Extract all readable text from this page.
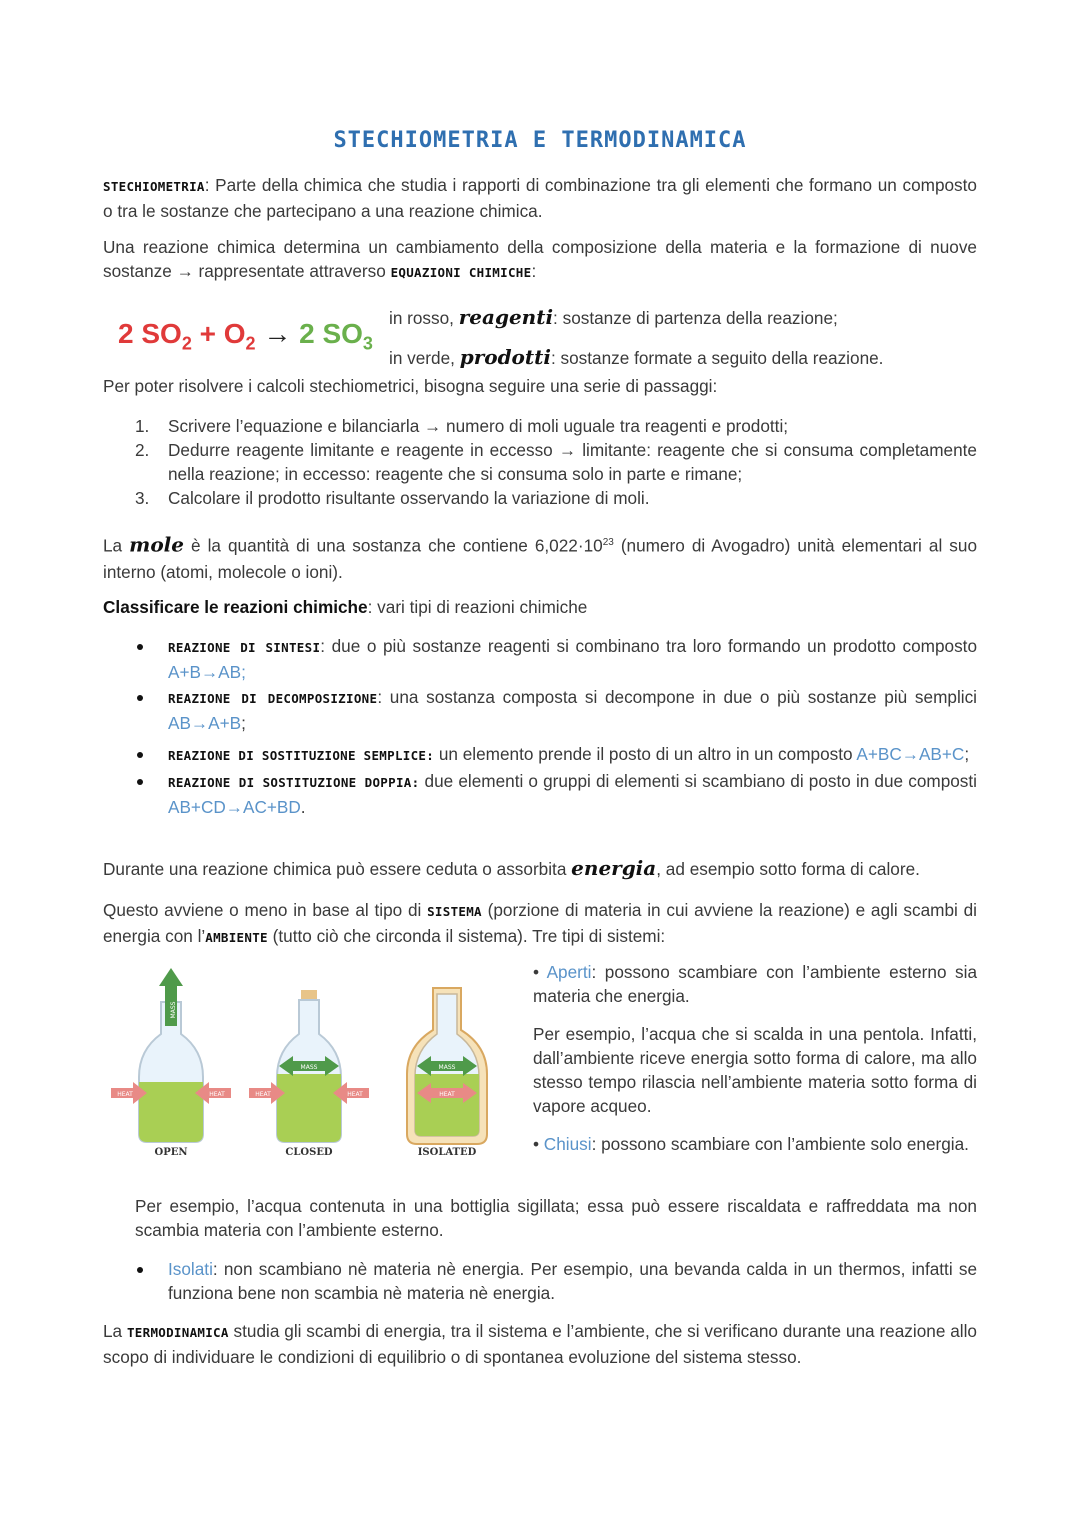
STECHIOMETRIA E TERMODINAMICA

STECHIOMETRIA: Parte della chimica che studia i rapporti di combinazione tra gli elementi che formano un composto o tra le sostanze che partecipano a una reazione chimica.

Una reazione chimica determina un cambiamento della composizione della materia e la formazione di nuove sostanze → rappresentate attraverso EQUAZIONI CHIMICHE:

2 $SO_2 + O_2 \to 2$ $SO_3$
in rosso, reagenti: sostanze di partenza della reazione;
in verde, prodotti: sostanze formate a seguito della reazione.

Per poter risolvere i calcoli stechiometrici, bisogna seguire una serie di passaggi:

1. Scrivere l’equazione e bilanciarla → numero di moli uguale tra reagenti e prodotti;
2. Dedurre reagente limitante e reagente in eccesso → limitante: reagente che si consuma completamente nella reazione; in eccesso: reagente che si consuma solo in parte e rimane;
3. Calcolare il prodotto risultante osservando la variazione di moli.

La mole è la quantità di una sostanza che contiene $6,022\cdot 10^{23}$ (numero di Avogadro) unità elementari al suo interno (atomi, molecole o ioni).

Classificare le reazioni chimiche: vari tipi di reazioni chimiche

REAZIONE DI SINTESI: due o più sostanze reagenti si combinano tra loro formando un prodotto composto A+B→AB;
REAZIONE DI DECOMPOSIZIONE: una sostanza composta si decompone in due o più sostanze più semplici AB→A+B;
REAZIONE DI SOSTITUZIONE SEMPLICE: un elemento prende il posto di un altro in un composto A+BC→AB+C;
REAZIONE DI SOSTITUZIONE DOPPIA: due elementi o gruppi di elementi si scambiano di posto in due composti AB+CD→AC+BD.

Durante una reazione chimica può essere ceduta o assorbita energia, ad esempio sotto forma di calore.

Questo avviene o meno in base al tipo di SISTEMA (porzione di materia in cui avviene la reazione) e agli scambi di energia con l’AMBIENTE (tutto ciò che circonda il sistema). Tre tipi di sistemi:

MASS
HEAT	HEAT
OPEN
MASS
HEAT	HEAT
CLOSED
MASS
HEAT
ISOLATED

• Aperti: possono scambiare con l’ambiente esterno sia materia che energia.

Per esempio, l’acqua che si scalda in una pentola. Infatti, dall’ambiente riceve energia sotto forma di calore, ma allo stesso tempo rilascia nell’ambiente materia sotto forma di vapore acqueo.

• Chiusi: possono scambiare con l’ambiente solo energia.

Per esempio, l’acqua contenuta in una bottiglia sigillata; essa può essere riscaldata e raffreddata ma non scambia materia con l’ambiente esterno.

Isolati: non scambiano nè materia nè energia. Per esempio, una bevanda calda in un thermos, infatti se funziona bene non scambia nè materia nè energia.

La TERMODINAMICA studia gli scambi di energia, tra il sistema e l’ambiente, che si verificano durante una reazione allo scopo di individuare le condizioni di equilibrio o di spontanea evoluzione del sistema stesso.
